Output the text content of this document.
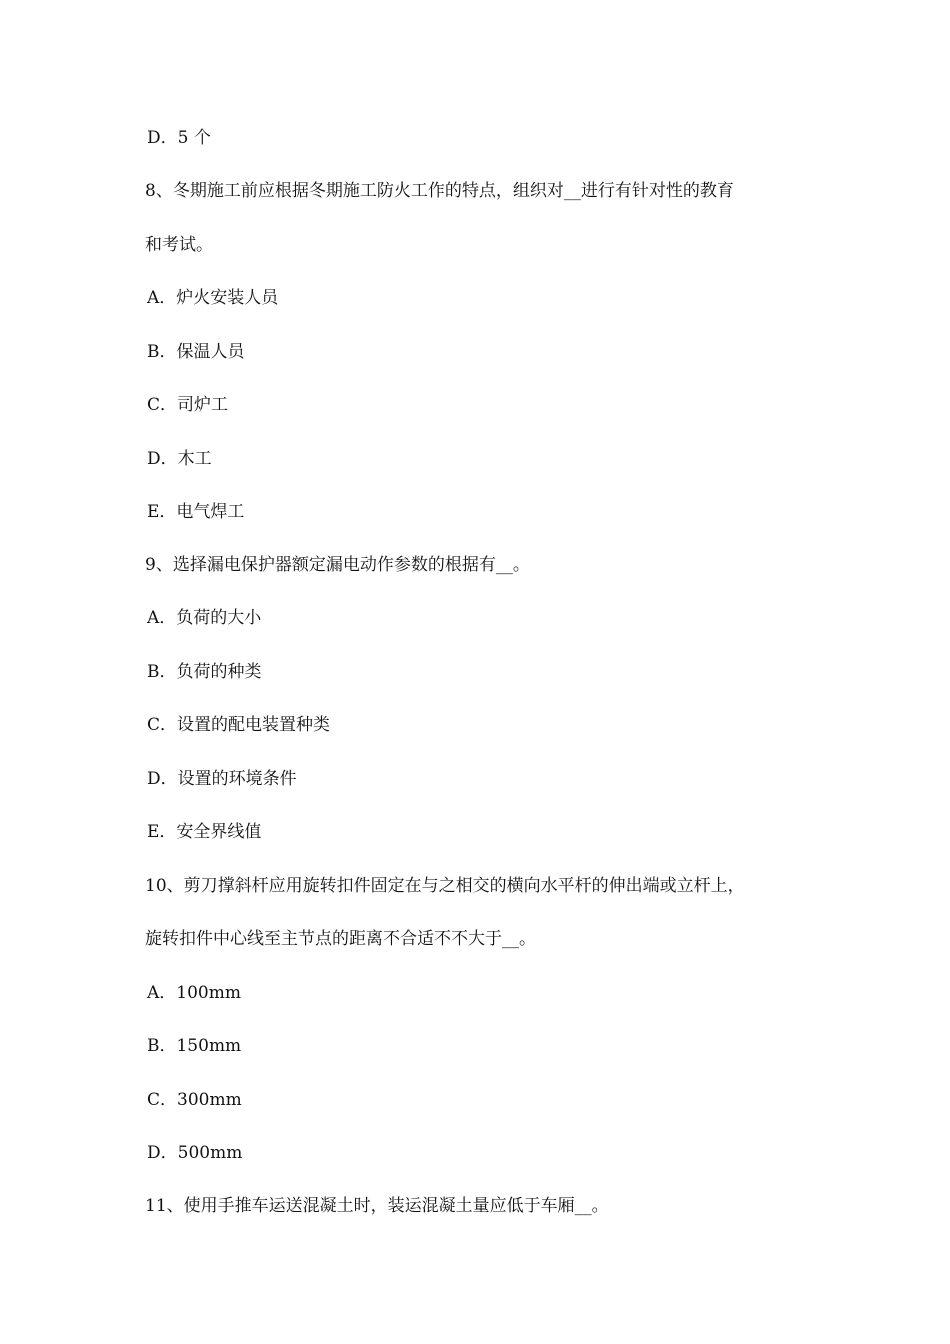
D．5 个
8、冬期施工前应根据冬期施工防火工作的特点，组织对__进行有针对性的教育
和考试。
A．炉火安装人员
B．保温人员
C．司炉工
D．木工
E．电气焊工
9、选择漏电保护器额定漏电动作参数的根据有__。
A．负荷的大小
B．负荷的种类
C．设置的配电装置种类
D．设置的环境条件
E．安全界线值
10、剪刀撑斜杆应用旋转扣件固定在与之相交的横向水平杆的伸出端或立杆上，
旋转扣件中心线至主节点的距离不合适不不大于__。
A．100mm
B．150mm
C．300mm
D．500mm
11、使用手推车运送混凝土时，装运混凝土量应低于车厢__。
